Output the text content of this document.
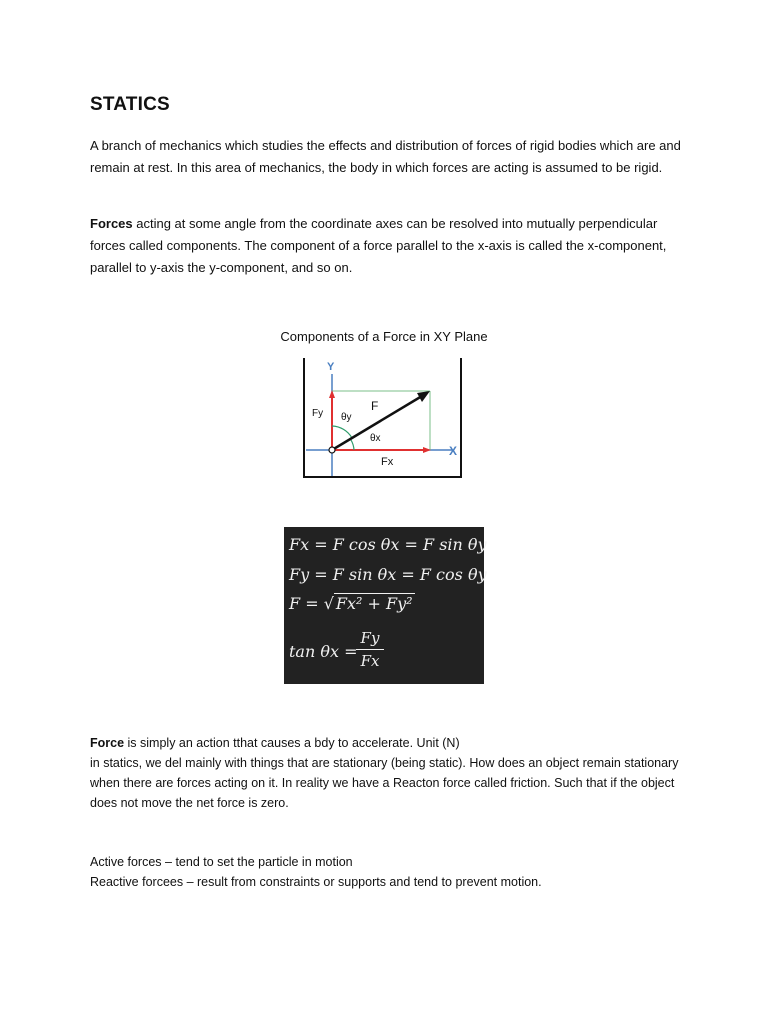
STATICS
A branch of mechanics which studies the effects and distribution of forces of rigid bodies which are and remain at rest. In this area of mechanics, the body in which forces are acting is assumed to be rigid.
Forces acting at some angle from the coordinate axes can be resolved into mutually perpendicular forces called components. The component of a force parallel to the x-axis is called the x-component, parallel to y-axis the y-component, and so on.
Components of a Force in XY Plane
Y
X
F
Fy θy
θx
Fx
Fx = F cos θx = F sin θy
Fy = F sin θx = F cos θy
F = √ Fx² + Fy²
tan θx =
Fy
Fx
Force is simply an action tthat causes a bdy to accelerate. Unit (N)
in statics, we del mainly with things that are stationary (being static). How does an object remain stationary when there are forces acting on it. In reality we have a Reacton force called friction. Such that if the object does not move the net force is zero.
Active forces – tend to set the particle in motion
Reactive forcees – result from constraints or supports and tend to prevent motion.
